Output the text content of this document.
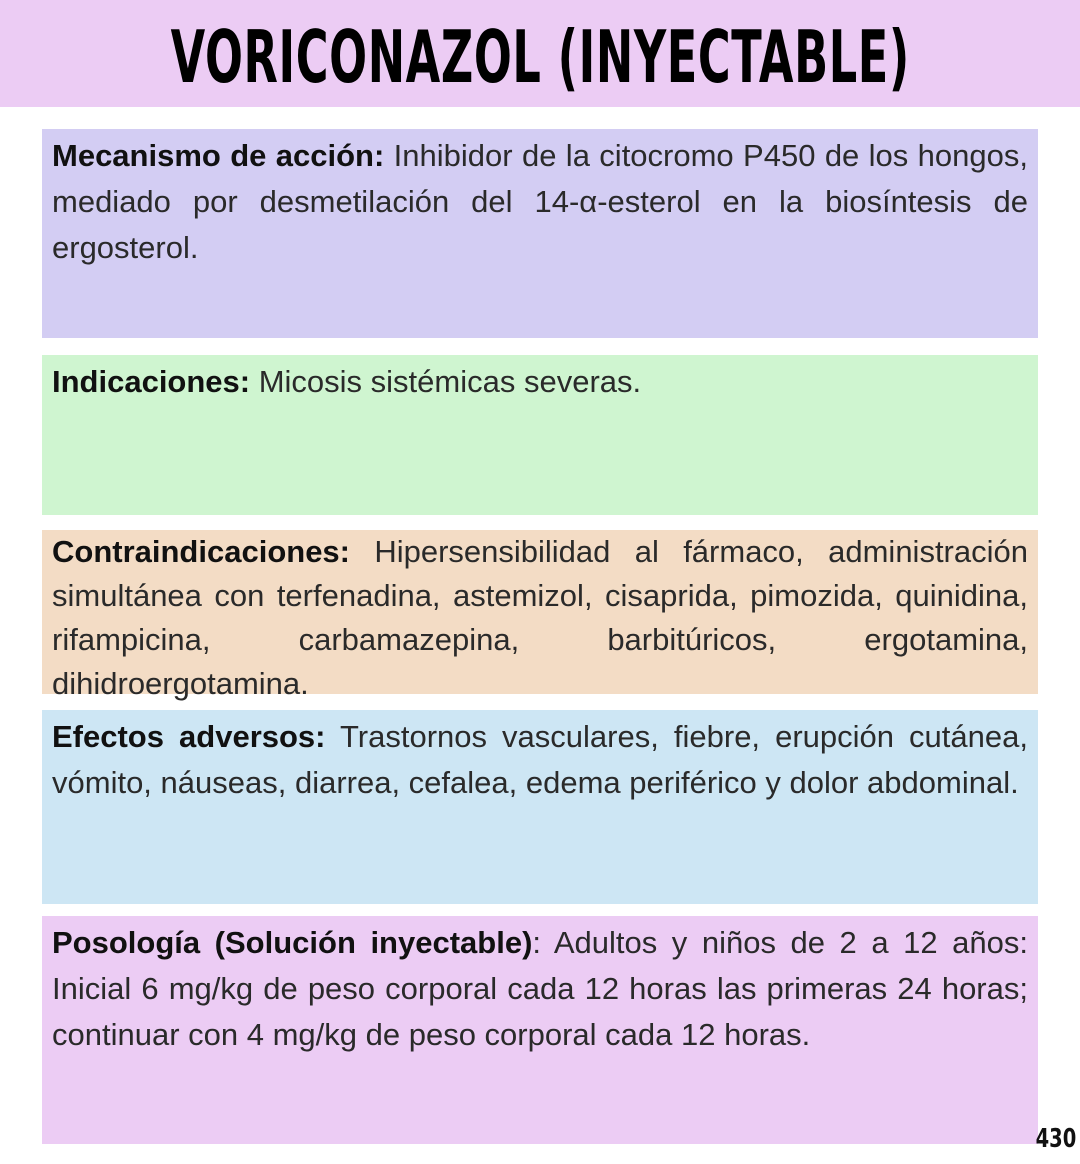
VORICONAZOL (INYECTABLE)
Mecanismo de acción: Inhibidor de la citocromo P450 de los hongos, mediado por desmetilación del 14-α-esterol en la biosíntesis de ergosterol.
Indicaciones: Micosis sistémicas severas.
Contraindicaciones: Hipersensibilidad al fármaco, administración simultánea con terfenadina, astemizol, cisaprida, pimozida, quinidina, rifampicina, carbamazepina, barbitúricos, ergotamina, dihidroergotamina.
Efectos adversos: Trastornos vasculares, fiebre, erupción cutánea, vómito, náuseas, diarrea, cefalea, edema periférico y dolor abdominal.
Posología (Solución inyectable): Adultos y niños de 2 a 12 años: Inicial 6 mg/kg de peso corporal cada 12 horas las primeras 24 horas; continuar con 4 mg/kg de peso corporal cada 12 horas.
430
